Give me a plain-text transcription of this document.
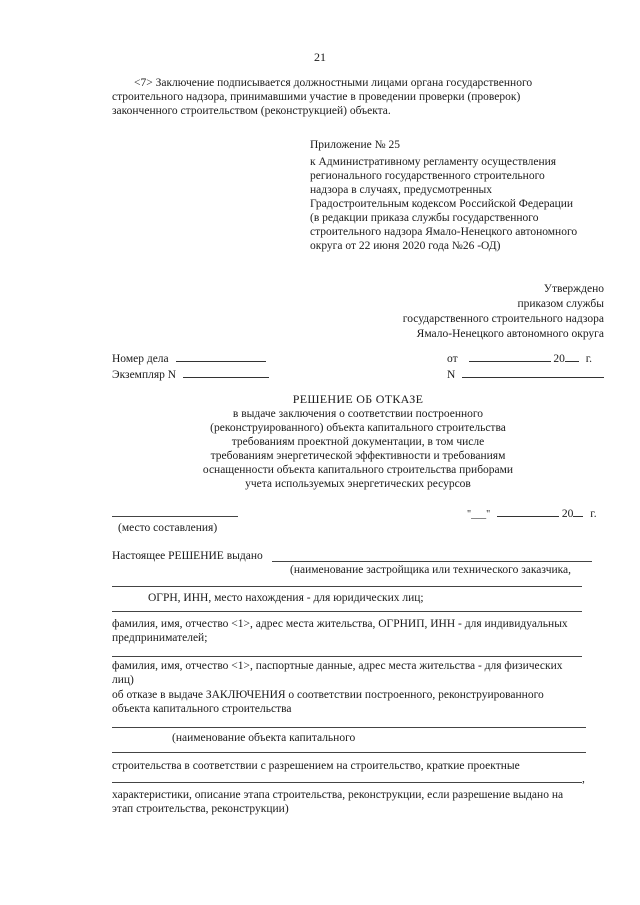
21
<7> Заключение подписывается должностными лицами органа государственного
строительного надзора, принимавшими участие в проведении проверки (проверок)
законченного строительством (реконструкцией) объекта.
Приложение № 25
к Административному регламенту осуществления
регионального государственного строительного
надзора в случаях, предусмотренных
Градостроительным кодексом Российской Федерации
(в редакции приказа службы государственного
строительного надзора Ямало-Ненецкого автономного
округа от 22 июня 2020 года №26 -ОД)
Утверждено
приказом службы
государственного строительного надзора
Ямало-Ненецкого автономного округа
Номер дела
Экземпляр N
от	20 г.
N
РЕШЕНИЕ ОБ ОТКАЗЕ
в выдаче заключения о соответствии построенного
(реконструированного) объекта капитального строительства
требованиям проектной документации, в том числе
требованиям энергетической эффективности и требованиям
оснащенности объекта капитального строительства приборами
учета используемых энергетических ресурсов
"___"	20 г.
(место составления)
Настоящее РЕШЕНИЕ выдано
(наименование застройщика или технического заказчика,
ОГРН, ИНН, место нахождения - для юридических лиц;
фамилия, имя, отчество <1>, адрес места жительства, ОГРНИП, ИНН - для индивидуальных
предпринимателей;
фамилия, имя, отчество <1>, паспортные данные, адрес места жительства - для физических
лиц)
об отказе в выдаче ЗАКЛЮЧЕНИЯ о соответствии построенного, реконструированного
объекта капитального строительства
(наименование объекта капитального
строительства в соответствии с разрешением на строительство, краткие проектные
,
характеристики, описание этапа строительства, реконструкции, если разрешение выдано на
этап строительства, реконструкции)
